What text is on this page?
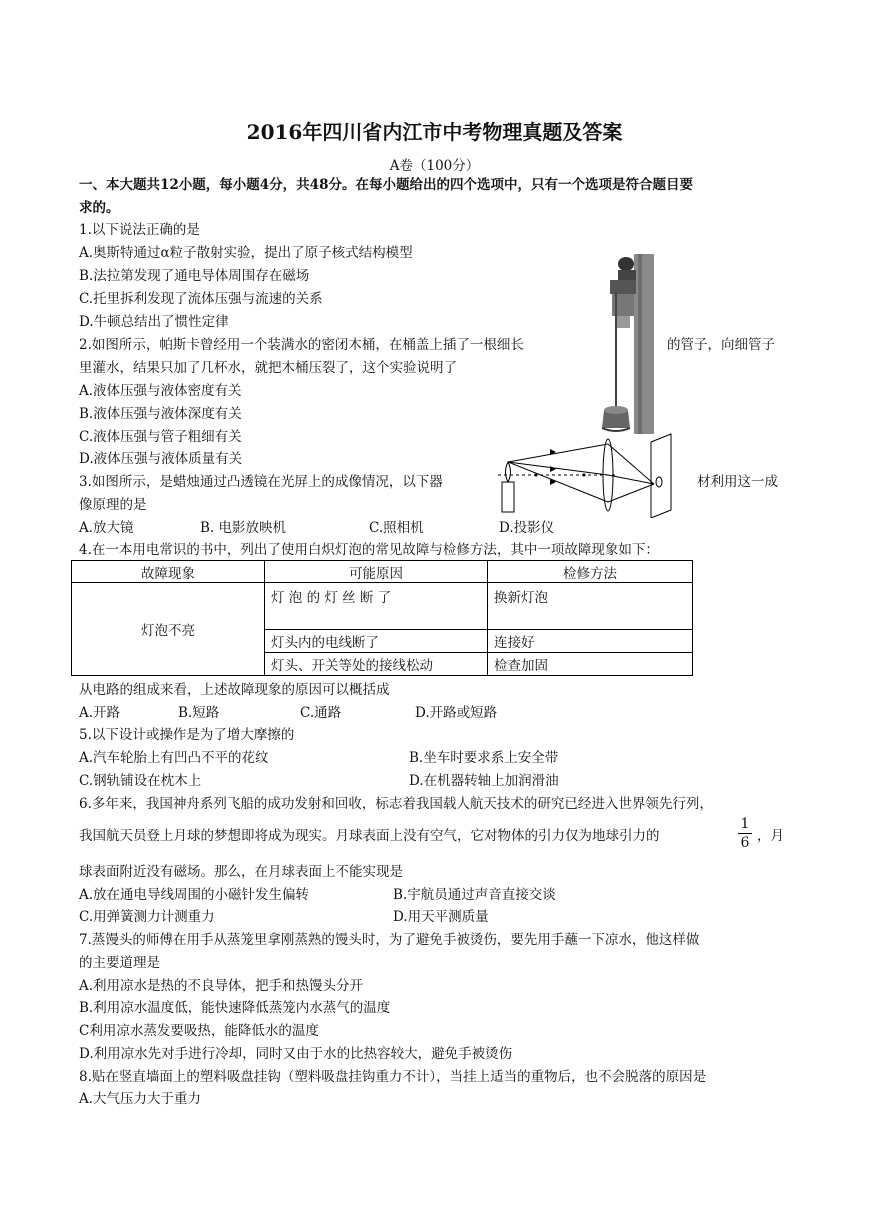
2016年四川省内江市中考物理真题及答案
A卷（100分）
一、本大题共12小题，每小题4分，共48分。在每小题给出的四个选项中，只有一个选项是符合题目要
求的。
1.以下说法正确的是
A.奥斯特通过α粒子散射实验，提出了原子核式结构模型
B.法拉第发现了通电导体周围存在磁场
C.托里拆利发现了流体压强与流速的关系
D.牛顿总结出了惯性定律
2.如图所示，帕斯卡曾经用一个装满水的密闭木桶，在桶盖上插了一根细长	的管子，向细管子
里灌水，结果只加了几杯水，就把木桶压裂了，这个实验说明了
A.液体压强与液体密度有关
B.液体压强与液体深度有关
C.液体压强与管子粗细有关
D.液体压强与液体质量有关
3.如图所示，是蜡烛通过凸透镜在光屏上的成像情况，以下器	材利用这一成
像原理的是
A.放大镜	B. 电影放映机	C.照相机	D.投影仪
4.在一本用电常识的书中，列出了使用白炽灯泡的常见故障与检修方法，其中一项故障现象如下：
故障现象	可能原因	检修方法
灯泡不亮	灯 泡 的 灯 丝 断 了	换新灯泡
	灯头内的电线断了	连接好
	灯头、开关等处的接线松动	检查加固
从电路的组成来看，上述故障现象的原因可以概括成
A.开路	B.短路	C.通路	D.开路或短路
5.以下设计或操作是为了增大摩擦的
A.汽车轮胎上有凹凸不平的花纹	B.坐车时要求系上安全带
C.钢轨铺设在枕木上	D.在机器转轴上加润滑油
6.多年来，我国神舟系列飞船的成功发射和回收，标志着我国载人航天技术的研究已经进入世界领先行列，
我国航天员登上月球的梦想即将成为现实。月球表面上没有空气，它对物体的引力仅为地球引力的	$\frac{1}{6}$ ，月
球表面附近没有磁场。那么，在月球表面上不能实现是
A.放在通电导线周围的小磁针发生偏转	B.宇航员通过声音直接交谈
C.用弹簧测力计测重力	D.用天平测质量
7.蒸馒头的师傅在用手从蒸笼里拿刚蒸熟的馒头时，为了避免手被烫伤，要先用手蘸一下凉水，他这样做
的主要道理是
A.利用凉水是热的不良导体，把手和热馒头分开
B.利用凉水温度低，能快速降低蒸笼内水蒸气的温度
C利用凉水蒸发要吸热，能降低水的温度
D.利用凉水先对手进行冷却，同时又由于水的比热容较大，避免手被烫伤
8.贴在竖直墙面上的塑料吸盘挂钩（塑料吸盘挂钩重力不计），当挂上适当的重物后，也不会脱落的原因是
A.大气压力大于重力
